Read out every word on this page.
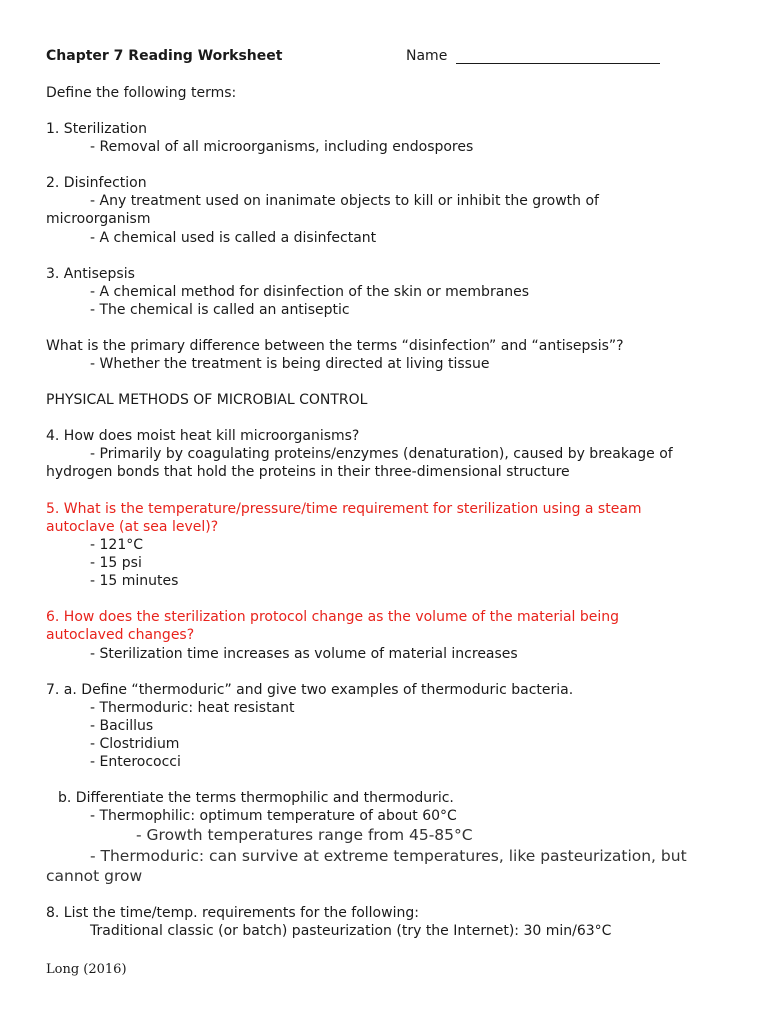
Chapter 7 Reading Worksheet	Name
Define the following terms:
1. Sterilization
- Removal of all microorganisms, including endospores
2. Disinfection
- Any treatment used on inanimate objects to kill or inhibit the growth of
microorganism
- A chemical used is called a disinfectant
3. Antisepsis
- A chemical method for disinfection of the skin or membranes
- The chemical is called an antiseptic
What is the primary difference between the terms “disinfection” and “antisepsis”?
- Whether the treatment is being directed at living tissue
PHYSICAL METHODS OF MICROBIAL CONTROL
4. How does moist heat kill microorganisms?
- Primarily by coagulating proteins/enzymes (denaturation), caused by breakage of
hydrogen bonds that hold the proteins in their three-dimensional structure
5. What is the temperature/pressure/time requirement for sterilization using a steam
autoclave (at sea level)?
- 121°C
- 15 psi
- 15 minutes
6. How does the sterilization protocol change as the volume of the material being
autoclaved changes?
- Sterilization time increases as volume of material increases
7. a. Define “thermoduric” and give two examples of thermoduric bacteria.
- Thermoduric: heat resistant
- Bacillus
- Clostridium
- Enterococci
b. Differentiate the terms thermophilic and thermoduric.
- Thermophilic: optimum temperature of about 60°C
- Growth temperatures range from 45-85°C
- Thermoduric: can survive at extreme temperatures, like pasteurization, but
cannot grow
8. List the time/temp. requirements for the following:
Traditional classic (or batch) pasteurization (try the Internet): 30 min/63°C
Long (2016)
